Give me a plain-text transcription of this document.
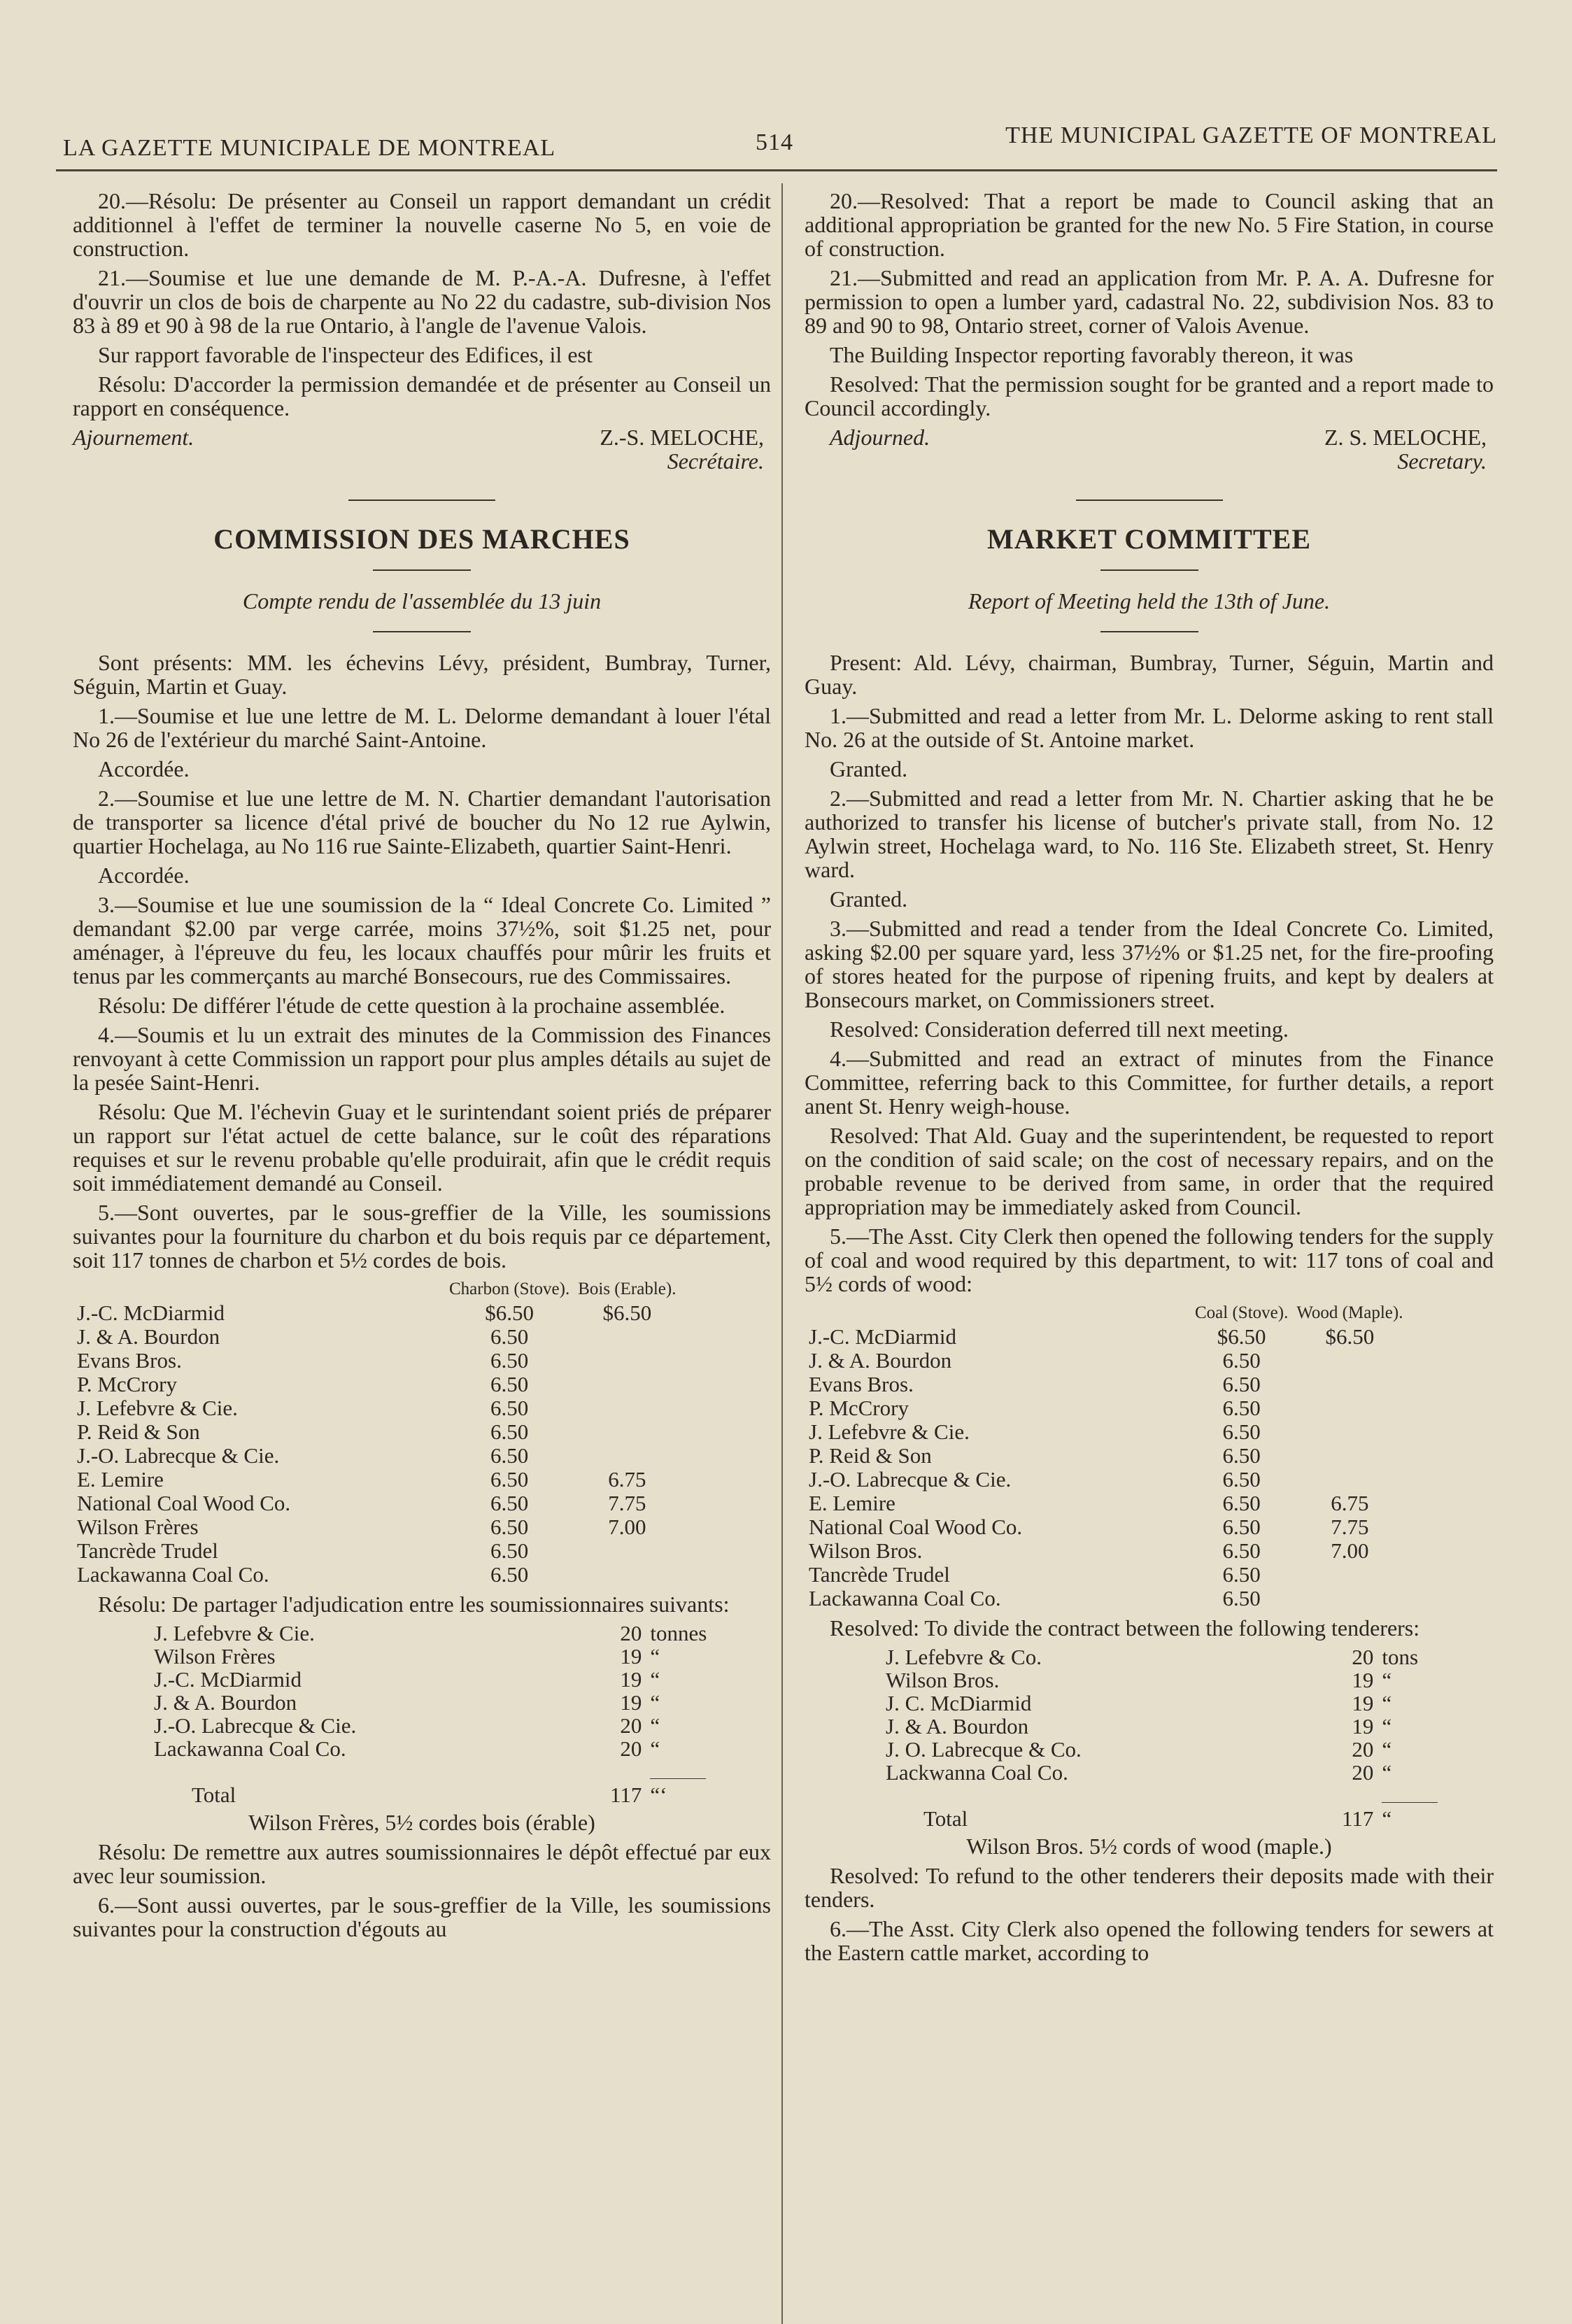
LA GAZETTE MUNICIPALE DE MONTREAL	514	THE MUNICIPAL GAZETTE OF MONTREAL

20.—Résolu: De présenter au Conseil un rapport demandant un crédit additionnel à l'effet de terminer la nouvelle caserne No 5, en voie de construction.

21.—Soumise et lue une demande de M. P.-A.-A. Dufresne, à l'effet d'ouvrir un clos de bois de charpente au No 22 du cadastre, sub-division Nos 83 à 89 et 90 à 98 de la rue Ontario, à l'angle de l'avenue Valois.

Sur rapport favorable de l'inspecteur des Edifices, il est

Résolu: D'accorder la permission demandée et de présenter au Conseil un rapport en conséquence.

Ajournement.	Z.-S. MELOCHE,
Secrétaire.
COMMISSION DES MARCHES

Compte rendu de l'assemblée du 13 juin

Sont présents: MM. les échevins Lévy, président, Bumbray, Turner, Séguin, Martin et Guay.

1.—Soumise et lue une lettre de M. L. Delorme demandant à louer l'étal No 26 de l'extérieur du marché Saint-Antoine.

Accordée.

2.—Soumise et lue une lettre de M. N. Chartier demandant l'autorisation de transporter sa licence d'étal privé de boucher du No 12 rue Aylwin, quartier Hochelaga, au No 116 rue Sainte-Elizabeth, quartier Saint-Henri.

Accordée.

3.—Soumise et lue une soumission de la “ Ideal Concrete Co. Limited ” demandant $2.00 par verge carrée, moins 37½%, soit $1.25 net, pour aménager, à l'épreuve du feu, les locaux chauffés pour mûrir les fruits et tenus par les commerçants au marché Bonsecours, rue des Commissaires.

Résolu: De différer l'étude de cette question à la prochaine assemblée.

4.—Soumis et lu un extrait des minutes de la Commission des Finances renvoyant à cette Commission un rapport pour plus amples détails au sujet de la pesée Saint-Henri.

Résolu: Que M. l'échevin Guay et le surintendant soient priés de préparer un rapport sur l'état actuel de cette balance, sur le coût des réparations requises et sur le revenu probable qu'elle produirait, afin que le crédit requis soit immédiatement demandé au Conseil.

5.—Sont ouvertes, par le sous-greffier de la Ville, les soumissions suivantes pour la fourniture du charbon et du bois requis par ce département, soit 117 tonnes de charbon et 5½ cordes de bois.

	Charbon (Stove).	Bois (Erable).
J.-C. McDiarmid	$6.50	$6.50
J. & A. Bourdon	6.50	
Evans Bros.	6.50	
P. McCrory	6.50	
J. Lefebvre & Cie.	6.50	
P. Reid & Son	6.50	
J.-O. Labrecque & Cie.	6.50	
E. Lemire	6.50	6.75
National Coal Wood Co.	6.50	7.75
Wilson Frères	6.50	7.00
Tancrède Trudel	6.50	
Lackawanna Coal Co.	6.50	

Résolu: De partager l'adjudication entre les soumissionnaires suivants:

J. Lefebvre & Cie.	20	tonnes
Wilson Frères	19	“
J.-C. McDiarmid	19	“
J. & A. Bourdon	19	“
J.-O. Labrecque & Cie.	20	“
Lackawanna Coal Co.	20	“

Total	117	“‘

Wilson Frères, 5½ cordes bois (érable)

Résolu: De remettre aux autres soumissionnaires le dépôt effectué par eux avec leur soumission.

6.—Sont aussi ouvertes, par le sous-greffier de la Ville, les soumissions suivantes pour la construction d'égouts au

20.—Resolved: That a report be made to Council asking that an additional appropriation be granted for the new No. 5 Fire Station, in course of construction.

21.—Submitted and read an application from Mr. P. A. A. Dufresne for permission to open a lumber yard, cadastral No. 22, subdivision Nos. 83 to 89 and 90 to 98, Ontario street, corner of Valois Avenue.

The Building Inspector reporting favorably thereon, it was

Resolved: That the permission sought for be granted and a report made to Council accordingly.

Adjourned.	Z. S. MELOCHE,
Secretary.
MARKET COMMITTEE

Report of Meeting held the 13th of June.

Present: Ald. Lévy, chairman, Bumbray, Turner, Séguin, Martin and Guay.

1.—Submitted and read a letter from Mr. L. Delorme asking to rent stall No. 26 at the outside of St. Antoine market.

Granted.

2.—Submitted and read a letter from Mr. N. Chartier asking that he be authorized to transfer his license of butcher's private stall, from No. 12 Aylwin street, Hochelaga ward, to No. 116 Ste. Elizabeth street, St. Henry ward.

Granted.

3.—Submitted and read a tender from the Ideal Concrete Co. Limited, asking $2.00 per square yard, less 37½% or $1.25 net, for the fire-proofing of stores heated for the purpose of ripening fruits, and kept by dealers at Bonsecours market, on Commissioners street.

Resolved: Consideration deferred till next meeting.

4.—Submitted and read an extract of minutes from the Finance Committee, referring back to this Committee, for further details, a report anent St. Henry weigh-house.

Resolved: That Ald. Guay and the superintendent, be requested to report on the condition of said scale; on the cost of necessary repairs, and on the probable revenue to be derived from same, in order that the required appropriation may be immediately asked from Council.

5.—The Asst. City Clerk then opened the following tenders for the supply of coal and wood required by this department, to wit: 117 tons of coal and 5½ cords of wood:

	Coal (Stove).	Wood (Maple).
J.-C. McDiarmid	$6.50	$6.50
J. & A. Bourdon	6.50	
Evans Bros.	6.50	
P. McCrory	6.50	
J. Lefebvre & Cie.	6.50	
P. Reid & Son	6.50	
J.-O. Labrecque & Cie.	6.50	
E. Lemire	6.50	6.75
National Coal Wood Co.	6.50	7.75
Wilson Bros.	6.50	7.00
Tancrède Trudel	6.50	
Lackawanna Coal Co.	6.50	

Resolved: To divide the contract between the following tenderers:

J. Lefebvre & Co.	20	tons
Wilson Bros.	19	“
J. C. McDiarmid	19	“
J. & A. Bourdon	19	“
J. O. Labrecque & Co.	20	“
Lackwanna Coal Co.	20	“

Total	117	“

Wilson Bros. 5½ cords of wood (maple.)

Resolved: To refund to the other tenderers their deposits made with their tenders.

6.—The Asst. City Clerk also opened the following tenders for sewers at the Eastern cattle market, according to
